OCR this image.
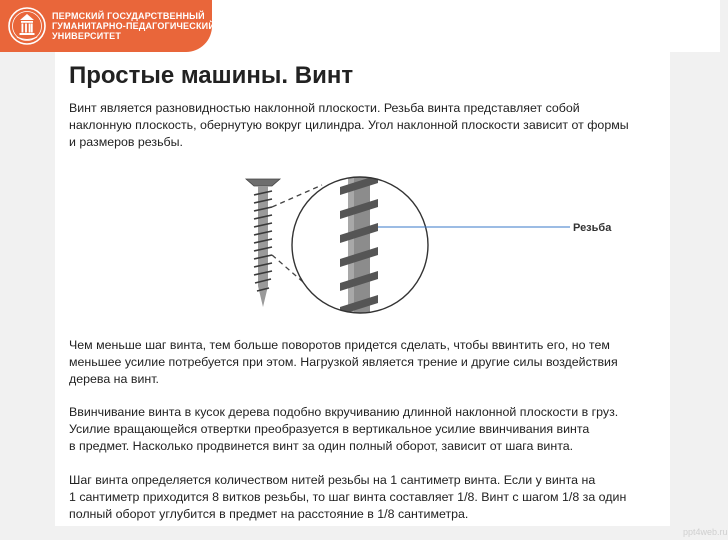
ПЕРМСКИЙ ГОСУДАРСТВЕННЫЙ
ГУМАНИТАРНО-ПЕДАГОГИЧЕСКИЙ
УНИВЕРСИТЕТ
Простые машины. Винт

Винт является разновидностью наклонной плоскости. Резьба винта представляет собой
наклонную плоскость, обернутую вокруг цилиндра. Угол наклонной плоскости зависит от формы
и размеров резьбы.

Резьба

Чем меньше шаг винта, тем больше поворотов придется сделать, чтобы ввинтить его, но тем
меньшее усилие потребуется при этом. Нагрузкой является трение и другие силы воздействия
дерева на винт.

Ввинчивание винта в кусок дерева подобно вкручиванию длинной наклонной плоскости в груз.
Усилие вращающейся отвертки преобразуется в вертикальное усилие ввинчивания винта
в предмет. Насколько продвинется винт за один полный оборот, зависит от шага винта.

Шаг винта определяется количеством нитей резьбы на 1 сантиметр винта. Если у винта на
1 сантиметр приходится 8 витков резьбы, то шаг винта составляет 1/8. Винт с шагом 1/8 за один
полный оборот углубится в предмет на расстояние в 1/8 сантиметра.

ppt4web.ru
